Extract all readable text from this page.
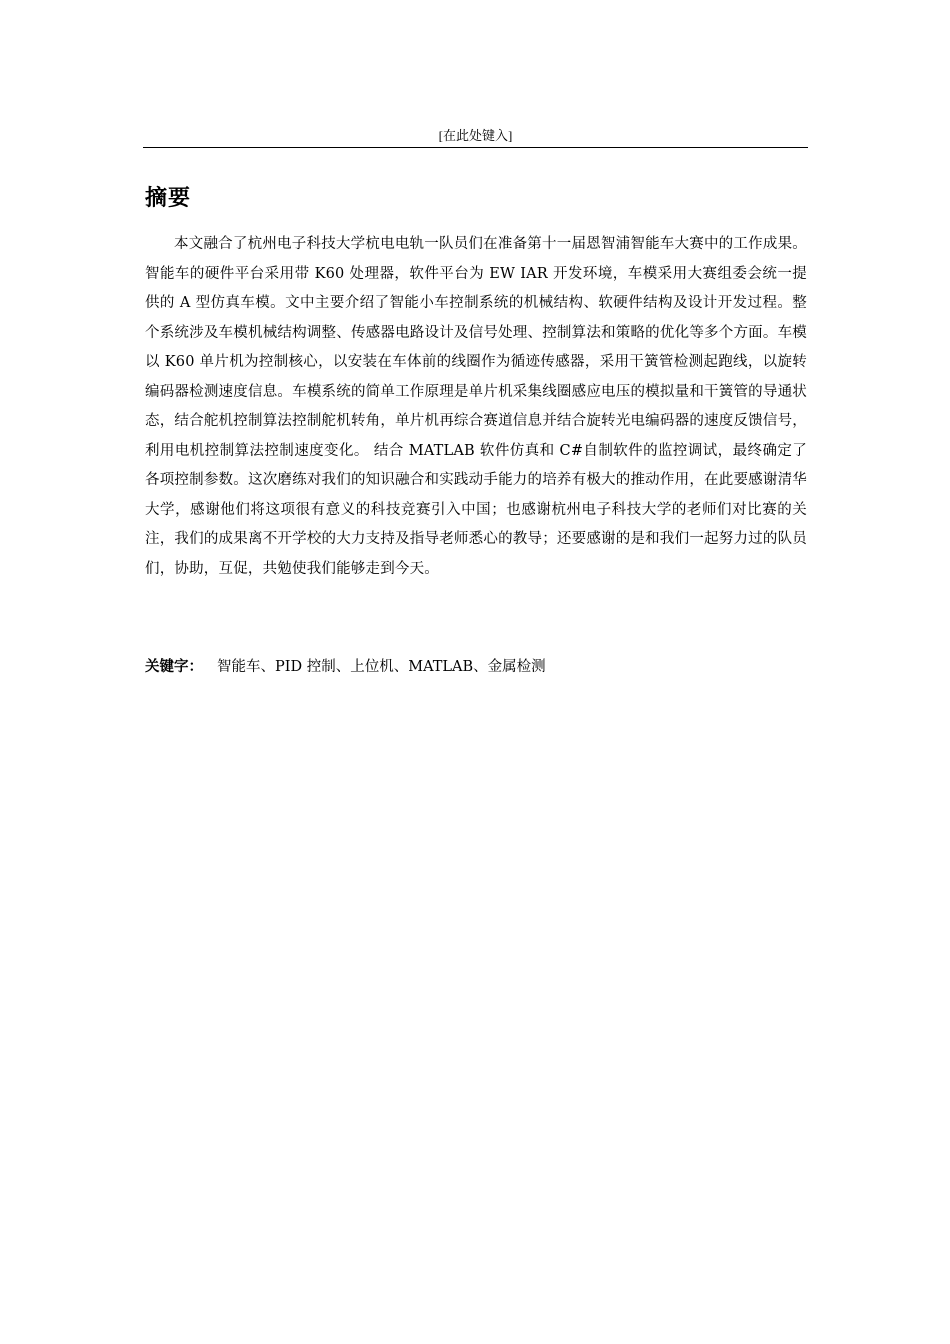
[在此处键入]
摘要

本文融合了杭州电子科技大学杭电电轨一队员们在准备第十一届恩智浦智能车大赛中的工作成果。智能车的硬件平台采用带 K60 处理器，软件平台为 EW IAR 开发环境，车模采用大赛组委会统一提供的 A 型仿真车模。文中主要介绍了智能小车控制系统的机械结构、软硬件结构及设计开发过程。整个系统涉及车模机械结构调整、传感器电路设计及信号处理、控制算法和策略的优化等多个方面。车模以 K60 单片机为控制核心，以安装在车体前的线圈作为循迹传感器，采用干簧管检测起跑线，以旋转编码器检测速度信息。车模系统的简单工作原理是单片机采集线圈感应电压的模拟量和干簧管的导通状态，结合舵机控制算法控制舵机转角，单片机再综合赛道信息并结合旋转光电编码器的速度反馈信号，利用电机控制算法控制速度变化。 结合 MATLAB 软件仿真和 C#自制软件的监控调试，最终确定了各项控制参数。这次磨练对我们的知识融合和实践动手能力的培养有极大的推动作用，在此要感谢清华大学，感谢他们将这项很有意义的科技竞赛引入中国；也感谢杭州电子科技大学的老师们对比赛的关注，我们的成果离不开学校的大力支持及指导老师悉心的教导；还要感谢的是和我们一起努力过的队员们，协助，互促，共勉使我们能够走到今天。

关键字： 智能车、PID 控制、上位机、MATLAB、金属检测
